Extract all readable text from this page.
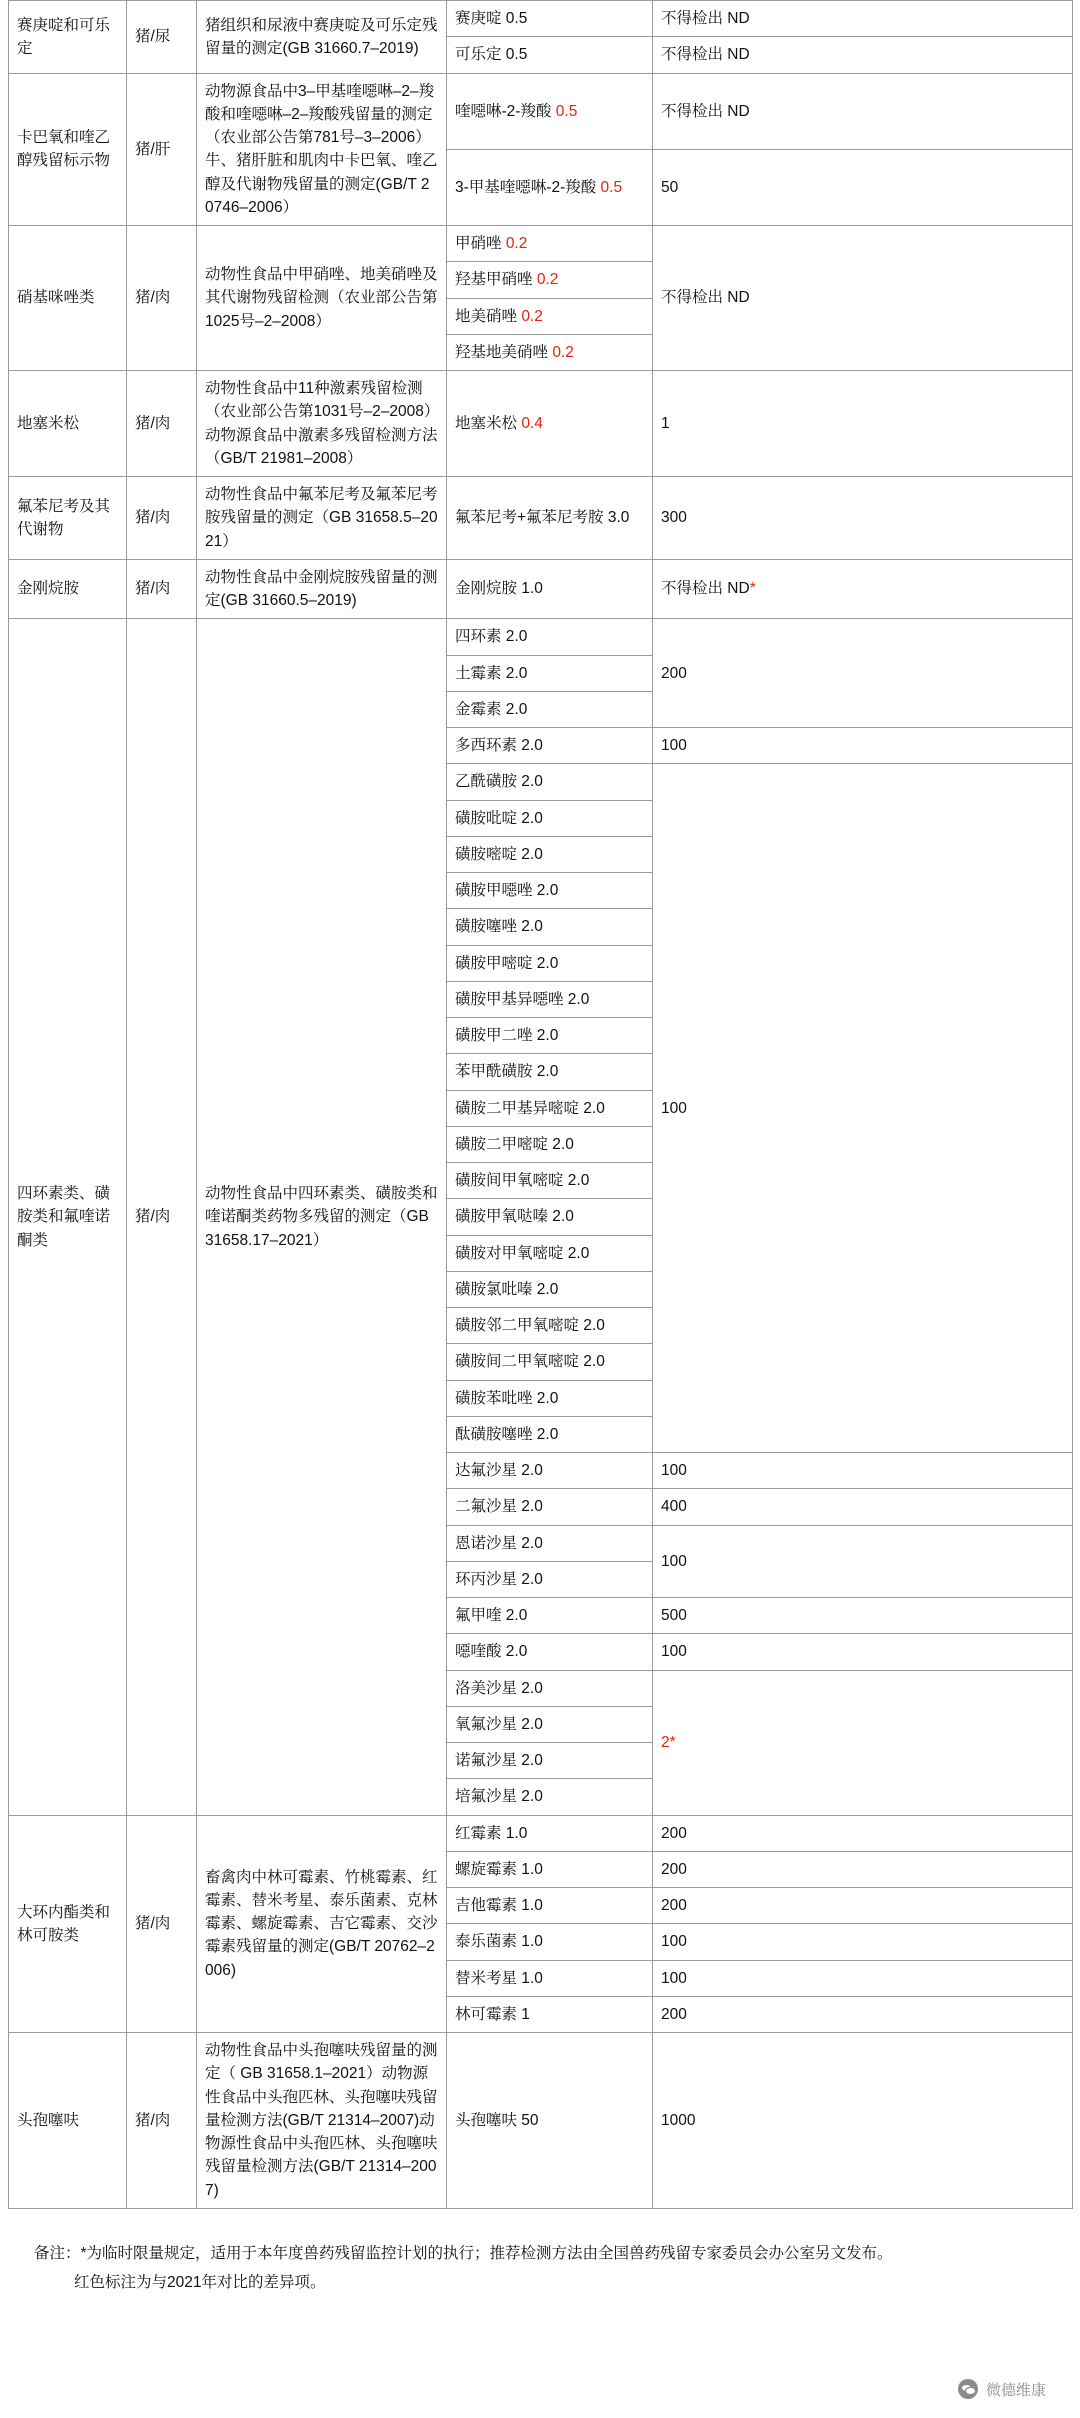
赛庚啶和可乐定	猪/尿	猪组织和尿液中赛庚啶及可乐定残留量的测定(GB 31660.7–2019)	赛庚啶 0.5	不得检出 ND
			可乐定 0.5	不得检出 ND
卡巴氧和喹乙醇残留标示物	猪/肝	动物源食品中3–甲基喹噁啉–2–羧酸和喹噁啉–2–羧酸残留量的测定（农业部公告第781号–3–2006）牛、猪肝脏和肌肉中卡巴氧、喹乙醇及代谢物残留量的测定(GB/T 20746–2006）	喹噁啉-2-羧酸 0.5	不得检出 ND
			3-甲基喹噁啉-2-羧酸 0.5	50
硝基咪唑类	猪/肉	动物性食品中甲硝唑、地美硝唑及其代谢物残留检测（农业部公告第1025号–2–2008）	甲硝唑 0.2	不得检出 ND
			羟基甲硝唑 0.2	
			地美硝唑 0.2	
			羟基地美硝唑 0.2	
地塞米松	猪/肉	动物性食品中11种激素残留检测（农业部公告第1031号–2–2008）动物源食品中激素多残留检测方法（GB/T 21981–2008）	地塞米松 0.4	1
氟苯尼考及其代谢物	猪/肉	动物性食品中氟苯尼考及氟苯尼考胺残留量的测定（GB 31658.5–2021）	氟苯尼考+氟苯尼考胺 3.0	300
金刚烷胺	猪/肉	动物性食品中金刚烷胺残留量的测定(GB 31660.5–2019)	金刚烷胺 1.0	不得检出 ND*
四环素类、磺胺类和氟喹诺酮类	猪/肉	动物性食品中四环素类、磺胺类和喹诺酮类药物多残留的测定（GB 31658.17–2021）	四环素 2.0	200
			土霉素 2.0	
			金霉素 2.0	
			多西环素 2.0	100
			乙酰磺胺 2.0	100
			磺胺吡啶 2.0	
			磺胺嘧啶 2.0	
			磺胺甲噁唑 2.0	
			磺胺噻唑 2.0	
			磺胺甲嘧啶 2.0	
			磺胺甲基异噁唑 2.0	
			磺胺甲二唑 2.0	
			苯甲酰磺胺 2.0	
			磺胺二甲基异嘧啶 2.0	
			磺胺二甲嘧啶 2.0	
			磺胺间甲氧嘧啶 2.0	
			磺胺甲氧哒嗪 2.0	
			磺胺对甲氧嘧啶 2.0	
			磺胺氯吡嗪 2.0	
			磺胺邻二甲氧嘧啶 2.0	
			磺胺间二甲氧嘧啶 2.0	
			磺胺苯吡唑 2.0	
			酞磺胺噻唑 2.0	
			达氟沙星 2.0	100
			二氟沙星 2.0	400
			恩诺沙星 2.0	100
			环丙沙星 2.0	
			氟甲喹 2.0	500
			噁喹酸 2.0	100
			洛美沙星 2.0	2*
			氧氟沙星 2.0	
			诺氟沙星 2.0	
			培氟沙星 2.0	
大环内酯类和林可胺类	猪/肉	畜禽肉中林可霉素、竹桃霉素、红霉素、替米考星、泰乐菌素、克林霉素、螺旋霉素、吉它霉素、交沙霉素残留量的测定(GB/T 20762–2006)	红霉素 1.0	200
			螺旋霉素 1.0	200
			吉他霉素 1.0	200
			泰乐菌素 1.0	100
			替米考星 1.0	100
			林可霉素 1	200
头孢噻呋	猪/肉	动物性食品中头孢噻呋残留量的测定（ GB 31658.1–2021）动物源性食品中头孢匹林、头孢噻呋残留量检测方法(GB/T 21314–2007)动物源性食品中头孢匹林、头孢噻呋残留量检测方法(GB/T 21314–2007)	头孢噻呋 50	1000
备注：*为临时限量规定，适用于本年度兽药残留监控计划的执行；推荐检测方法由全国兽药残留专家委员会办公室另文发布。
红色标注为与2021年对比的差异项。
微德维康
